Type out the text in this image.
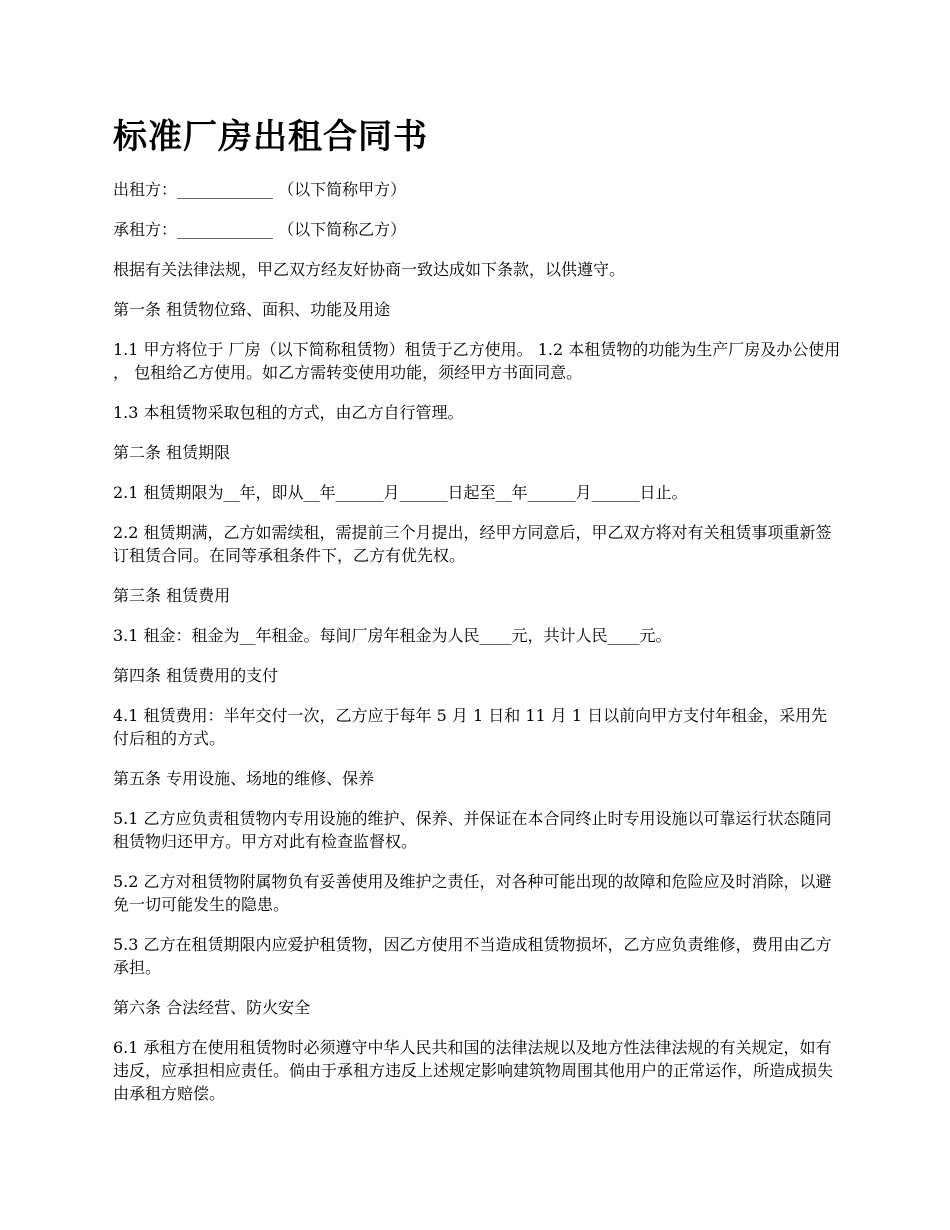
标准厂房出租合同书

出租方：____________ （以下简称甲方）

承租方：____________ （以下简称乙方）

根据有关法律法规，甲乙双方经友好协商一致达成如下条款，以供遵守。

第一条 租赁物位臵、面积、功能及用途

1.1 甲方将位于 厂房（以下简称租赁物）租赁于乙方使用。 1.2 本租赁物的功能为生产厂房及办公使用 ， 包租给乙方使用。如乙方需转变使用功能，须经甲方书面同意。

1.3 本租赁物采取包租的方式，由乙方自行管理。

第二条 租赁期限

2.1 租赁期限为__年，即从__年______月______日起至__年______月______日止。

2.2 租赁期满，乙方如需续租，需提前三个月提出，经甲方同意后，甲乙双方将对有关租赁事项重新签订租赁合同。在同等承租条件下，乙方有优先权。

第三条 租赁费用

3.1 租金：租金为__年租金。每间厂房年租金为人民____元，共计人民____元。

第四条 租赁费用的支付

4.1 租赁费用：半年交付一次，乙方应于每年 5 月 1 日和 11 月 1 日以前向甲方支付年租金，采用先付后租的方式。

第五条 专用设施、场地的维修、保养

5.1 乙方应负责租赁物内专用设施的维护、保养、并保证在本合同终止时专用设施以可靠运行状态随同租赁物归还甲方。甲方对此有检查监督权。

5.2 乙方对租赁物附属物负有妥善使用及维护之责任，对各种可能出现的故障和危险应及时消除，以避免一切可能发生的隐患。

5.3 乙方在租赁期限内应爱护租赁物，因乙方使用不当造成租赁物损坏，乙方应负责维修，费用由乙方承担。

第六条 合法经营、防火安全

6.1 承租方在使用租赁物时必须遵守中华人民共和国的法律法规以及地方性法律法规的有关规定，如有违反，应承担相应责任。倘由于承租方违反上述规定影响建筑物周围其他用户的正常运作，所造成损失由承租方赔偿。
